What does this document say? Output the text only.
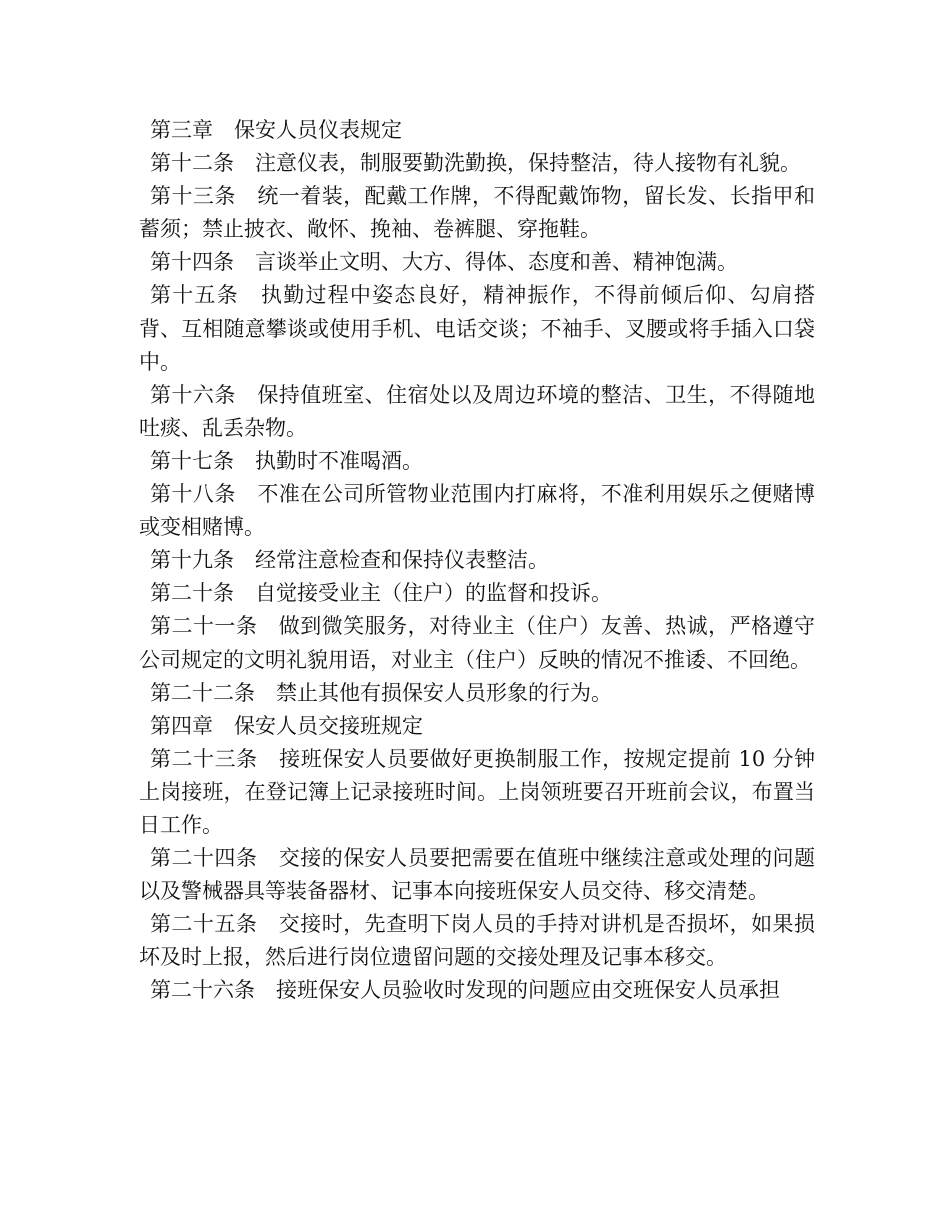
第三章　保安人员仪表规定

第十二条　注意仪表，制服要勤洗勤换，保持整洁，待人接物有礼貌。

第十三条　统一着装，配戴工作牌，不得配戴饰物，留长发、长指甲和蓄须；禁止披衣、敞怀、挽袖、卷裤腿、穿拖鞋。

第十四条　言谈举止文明、大方、得体、态度和善、精神饱满。

第十五条　执勤过程中姿态良好，精神振作，不得前倾后仰、勾肩搭背、互相随意攀谈或使用手机、电话交谈；不袖手、叉腰或将手插入口袋中。

第十六条　保持值班室、住宿处以及周边环境的整洁、卫生，不得随地吐痰、乱丢杂物。

第十七条　执勤时不准喝酒。

第十八条　不准在公司所管物业范围内打麻将，不准利用娱乐之便赌博或变相赌博。

第十九条　经常注意检查和保持仪表整洁。

第二十条　自觉接受业主（住户）的监督和投诉。

第二十一条　做到微笑服务，对待业主（住户）友善、热诚，严格遵守公司规定的文明礼貌用语，对业主（住户）反映的情况不推诿、不回绝。

第二十二条　禁止其他有损保安人员形象的行为。

第四章　保安人员交接班规定

第二十三条　接班保安人员要做好更换制服工作，按规定提前 10 分钟上岗接班，在登记簿上记录接班时间。上岗领班要召开班前会议，布置当日工作。

第二十四条　交接的保安人员要把需要在值班中继续注意或处理的问题以及警械器具等装备器材、记事本向接班保安人员交待、移交清楚。

第二十五条　交接时，先查明下岗人员的手持对讲机是否损坏，如果损坏及时上报，然后进行岗位遗留问题的交接处理及记事本移交。

第二十六条　接班保安人员验收时发现的问题应由交班保安人员承担
